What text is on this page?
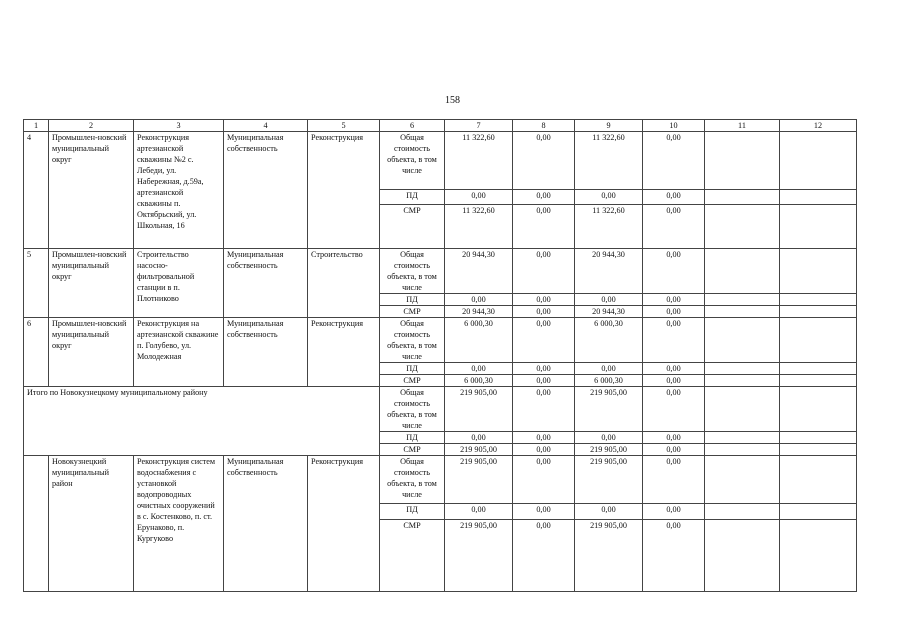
158
1	2	3	4	5	6	7	8	9	10	11	12
4	Промышлен-новский муниципальный округ	Реконструкция артезианской скважины №2 с. Лебеди, ул. Набережная, д.59а, артезианской скважины п. Октябрьский, ул. Школьная, 16	Муниципальная собственность	Реконструкция	Общая стоимость объекта, в том числе	11 322,60	0,00	11 322,60	0,00		
					ПД	0,00	0,00	0,00	0,00		
					СМР	11 322,60	0,00	11 322,60	0,00		
5	Промышлен-новский муниципальный округ	Строительство насосно-фильтровальной станции в п. Плотниково	Муниципальная собственность	Строительство	Общая стоимость объекта, в том числе	20 944,30	0,00	20 944,30	0,00		
					ПД	0,00	0,00	0,00	0,00		
					СМР	20 944,30	0,00	20 944,30	0,00		
6	Промышлен-новский муниципальный округ	Реконструкция на артезианской скважине п. Голубево, ул. Молодежная	Муниципальная собственность	Реконструкция	Общая стоимость объекта, в том числе	6 000,30	0,00	6 000,30	0,00		
					ПД	0,00	0,00	0,00	0,00		
					СМР	6 000,30	0,00	6 000,30	0,00		
Итого по Новокузнецкому муниципальному району					Общая стоимость объекта, в том числе	219 905,00	0,00	219 905,00	0,00		
					ПД	0,00	0,00	0,00	0,00		
					СМР	219 905,00	0,00	219 905,00	0,00		
	Новокузнецкий муниципальный район	Реконструкция систем водоснабжения с установкой водопроводных очистных сооружений в с. Костенково, п. ст. Ерунаково, п. Кургуково	Муниципальная собственность	Реконструкция	Общая стоимость объекта, в том числе	219 905,00	0,00	219 905,00	0,00		
					ПД	0,00	0,00	0,00	0,00		
					СМР	219 905,00	0,00	219 905,00	0,00		
